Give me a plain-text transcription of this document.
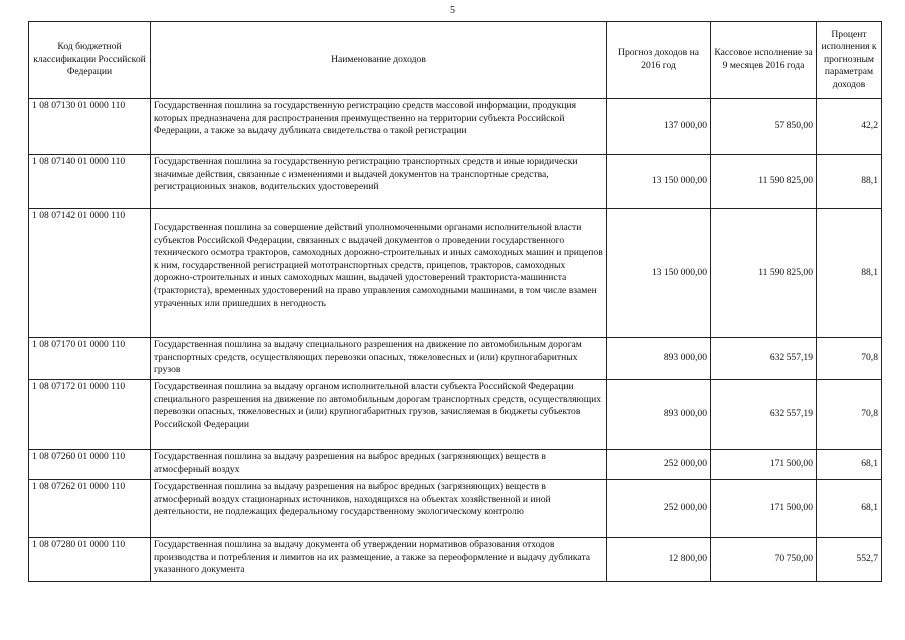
5
Код бюджетной классификации Российской Федерации	Наименование доходов	Прогноз доходов на 2016 год	Кассовое исполнение за 9 месяцев 2016 года	Процент исполнения к прогнозным параметрам доходов
1 08 07130 01 0000 110	Государственная пошлина за государственную регистрацию средств массовой информации, продукция которых предназначена для распространения преимущественно на территории субъекта Российской Федерации, а также за выдачу дубликата свидетельства о такой регистрации	137 000,00	57 850,00	42,2
1 08 07140 01 0000 110	Государственная пошлина за государственную регистрацию транспортных средств и иные юридически значимые действия, связанные с изменениями и выдачей документов на транспортные средства, регистрационных знаков, водительских удостоверений	13 150 000,00	11 590 825,00	88,1
1 08 07142 01 0000 110	Государственная пошлина за совершение действий уполномоченными органами исполнительной власти субъектов Российской Федерации, связанных с выдачей документов о проведении государственного технического осмотра тракторов, самоходных дорожно-строительных и иных самоходных машин и прицепов к ним, государственной регистрацией мототранспортных средств, прицепов, тракторов, самоходных дорожно-строительных и иных самоходных машин, выдачей удостоверений тракториста-машиниста (тракториста), временных удостоверений на право управления самоходными машинами, в том числе взамен утраченных или пришедших в негодность	13 150 000,00	11 590 825,00	88,1
1 08 07170 01 0000 110	Государственная пошлина за выдачу специального разрешения на движение по автомобильным дорогам транспортных средств, осуществляющих перевозки опасных, тяжеловесных и (или) крупногабаритных грузов	893 000,00	632 557,19	70,8
1 08 07172 01 0000 110	Государственная пошлина за выдачу органом исполнительной власти субъекта Российской Федерации специального разрешения на движение по автомобильным дорогам транспортных средств, осуществляющих перевозки опасных, тяжеловесных и (или) крупногабаритных грузов, зачисляемая в бюджеты субъектов Российской Федерации	893 000,00	632 557,19	70,8
1 08 07260 01 0000 110	Государственная пошлина за выдачу разрешения на выброс вредных (загрязняющих) веществ в атмосферный воздух	252 000,00	171 500,00	68,1
1 08 07262 01 0000 110	Государственная пошлина за выдачу разрешения на выброс вредных (загрязняющих) веществ в атмосферный воздух стационарных источников, находящихся на объектах хозяйственной и иной деятельности, не подлежащих федеральному государственному экологическому контролю	252 000,00	171 500,00	68,1
1 08 07280 01 0000 110	Государственная пошлина за выдачу документа об утверждении нормативов образования отходов производства и потребления и лимитов на их размещение, а также за переоформление и выдачу дубликата указанного документа	12 800,00	70 750,00	552,7
